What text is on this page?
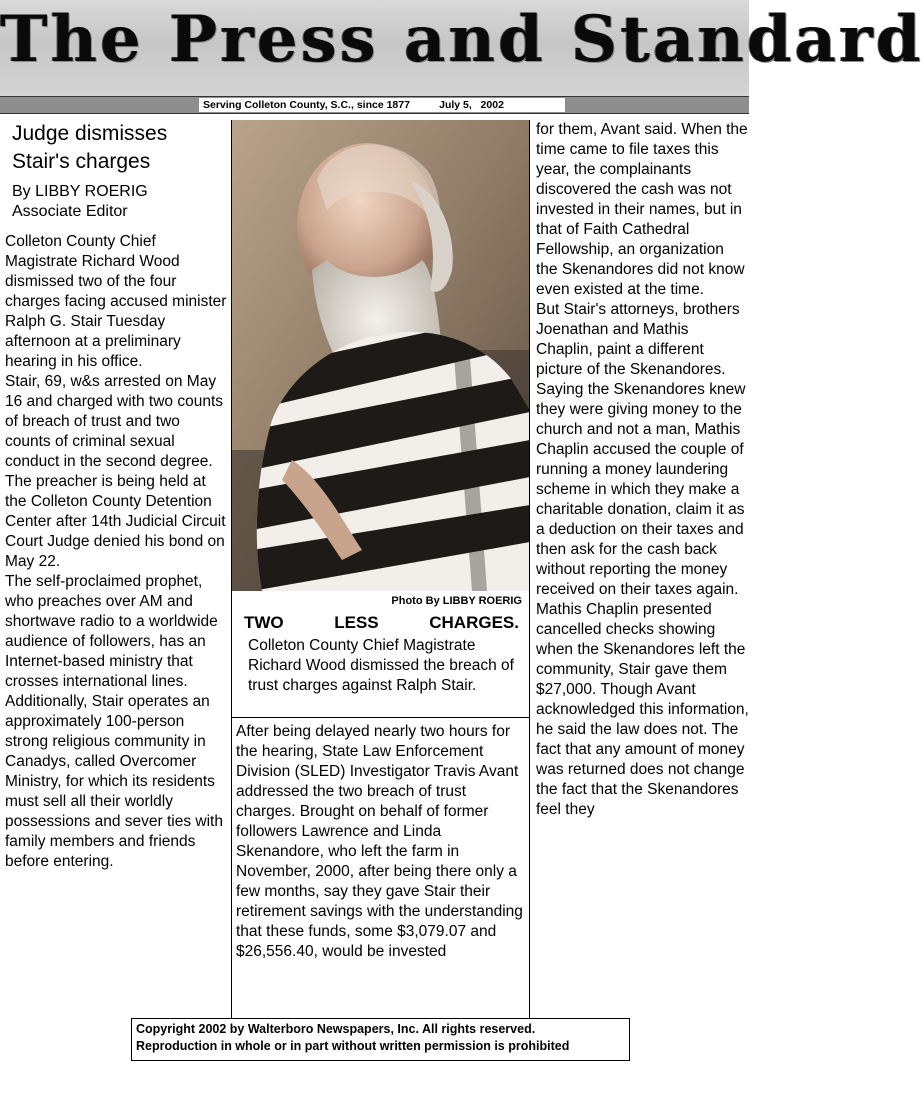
The Press and Standard
Serving Colleton County, S.C., since 1877          July 5,   2002
Judge dismisses
Stair's charges
By LIBBY ROERIG
Associate Editor

Colleton County Chief Magistrate Richard Wood dismissed two of the four charges facing accused minister Ralph G. Stair Tuesday afternoon at a preliminary hearing in his office.

Stair, 69, w&s arrested on May 16 and charged with two counts of breach of trust and two counts of criminal sexual conduct in the second degree. The preacher is being held at the Colleton County Detention Center after 14th Judicial Circuit Court Judge denied his bond on May 22.

The self-proclaimed prophet, who preaches over AM and shortwave radio to a worldwide audience of followers, has an Internet-based ministry that crosses international lines. Additionally, Stair operates an approximately 100-person strong religious community in Canadys, called Overcomer Ministry, for which its residents must sell all their worldly possessions and sever ties with family members and friends before entering.

Photo By LIBBY ROERIG
TWO	LESS	CHARGES.
Colleton County Chief Magistrate Richard Wood dismissed the breach of trust charges against Ralph Stair.
After being delayed nearly two hours for the hearing, State Law Enforcement Division (SLED) Investigator Travis Avant addressed the two breach of trust charges. Brought on behalf of former followers Lawrence and Linda Skenandore, who left the farm in November, 2000, after being there only a few months, say they gave Stair their retirement savings with the understanding that these funds, some $3,079.07 and $26,556.40, would be invested

for them, Avant said. When the time came to file taxes this year, the complainants discovered the cash was not invested in their names, but in that of Faith Cathedral Fellowship, an organization the Skenandores did not know even existed at the time.

But Stair's attorneys, brothers Joenathan and Mathis Chaplin, paint a different picture of the Skenandores. Saying the Skenandores knew they were giving money to the church and not a man, Mathis Chaplin accused the couple of running a money laundering scheme in which they make a charitable donation, claim it as a deduction on their taxes and then ask for the cash back without reporting the money received on their taxes again.

Mathis Chaplin presented cancelled checks showing when the Skenandores left the community, Stair gave them $27,000. Though Avant acknowledged this information, he said the law does not. The fact that any amount of money was returned does not change the fact that the Skenandores feel they

Copyright 2002 by Walterboro Newspapers, Inc. All rights reserved.
Reproduction in whole or in part without written permission is prohibited
